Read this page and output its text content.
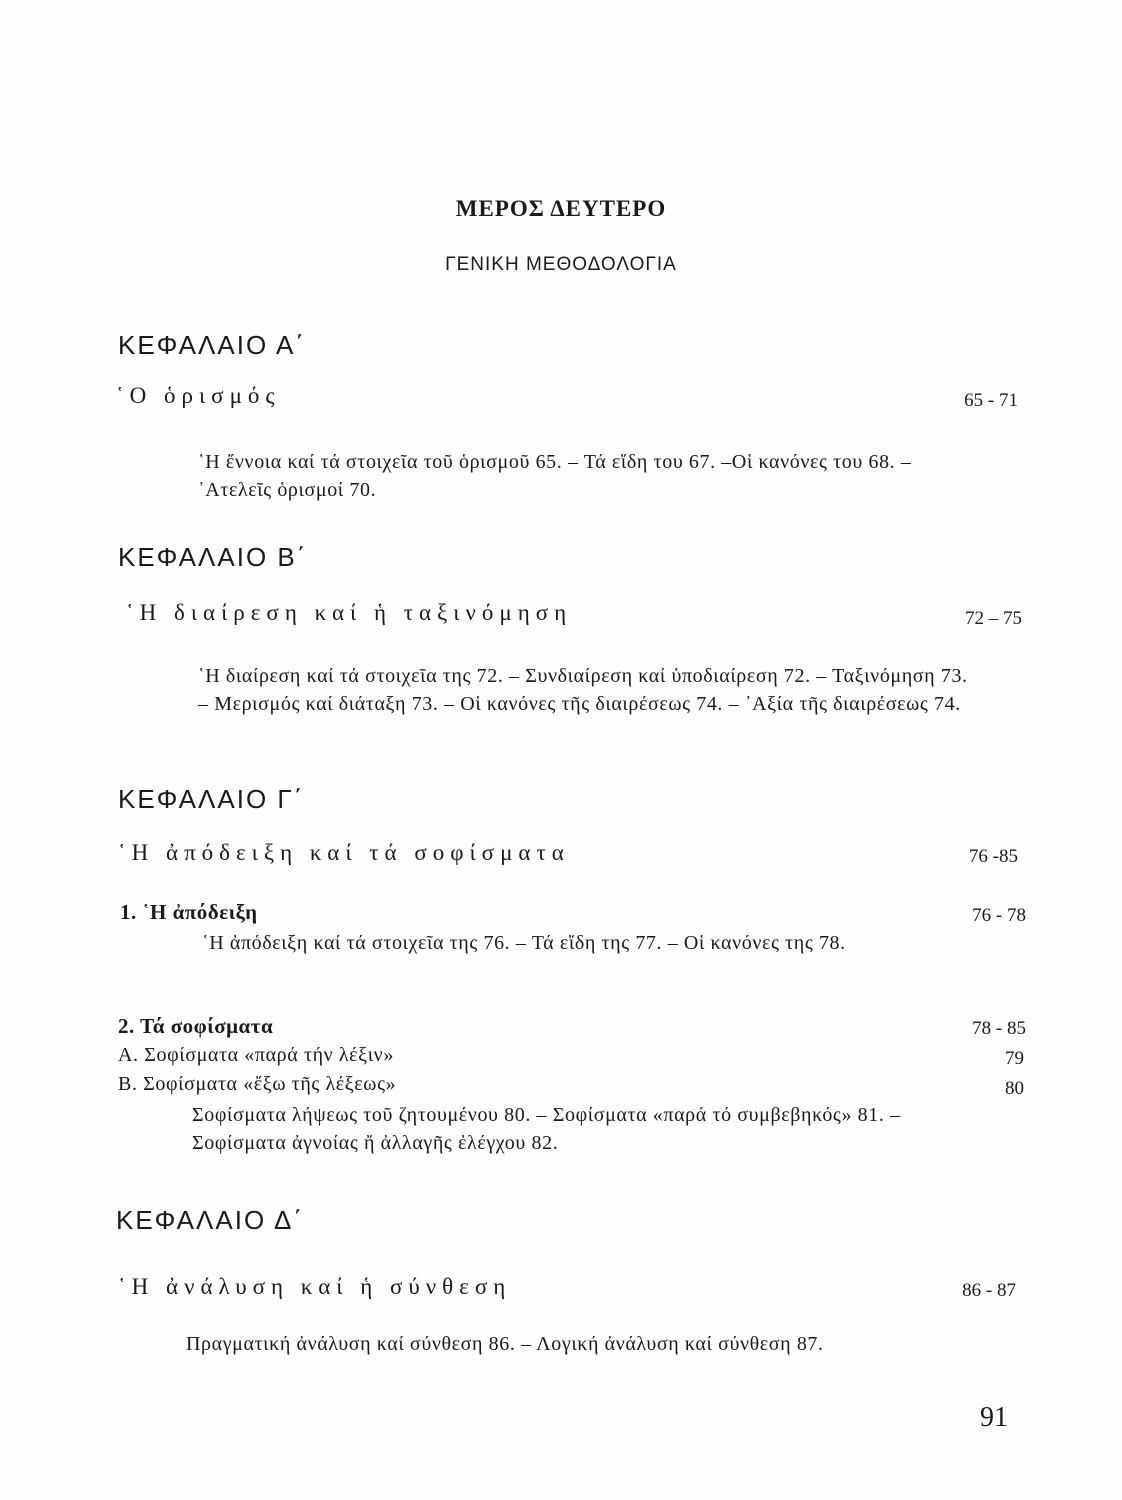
ΜΕΡΟΣ ΔΕΥΤΕΡΟ
ΓΕΝΙΚΗ ΜΕΘΟΔΟΛΟΓΙΑ
ΚΕΦΑΛΑΙΟ Α΄
῾Ο ὁρισμός	65 - 71
῾Η ἔννοια καί τά στοιχεῖα τοῦ ὁρισμοῦ 65. – Τά εἴδη του 67. –Οἱ κανόνες του 68. – ᾿Ατελεῖς ὁρισμοί 70.
ΚΕΦΑΛΑΙΟ Β΄
῾Η διαίρεση καί ἡ ταξινόμηση	72 – 75
῾Η διαίρεση καί τά στοιχεῖα της 72. – Συνδιαίρεση καί ὑποδιαίρεση 72. – Ταξινόμηση 73. – Μερισμός καί διάταξη 73. – Οἱ κανόνες τῆς διαιρέσεως 74. – ᾿Αξία τῆς διαιρέσεως 74.
ΚΕΦΑΛΑΙΟ Γ΄
῾Η ἀπόδειξη καί τά σοφίσματα	76 -85
1. ῾Η ἀπόδειξη	76 - 78
῾Η ἀπόδειξη καί τά στοιχεῖα της 76. – Τά εἴδη της 77. – Οἱ κανόνες της 78.
2. Τά σοφίσματα	78 - 85
Α. Σοφίσματα «παρά τήν λέξιν»	79
Β. Σοφίσματα «ἔξω τῆς λέξεως»	80
Σοφίσματα λήψεως τοῦ ζητουμένου 80. – Σοφίσματα «παρά τό συμβεβηκός» 81. – Σοφίσματα ἀγνοίας ἤ ἀλλαγῆς ἐλέγχου 82.
ΚΕΦΑΛΑΙΟ Δ΄
῾Η ἀνάλυση καί ἡ σύνθεση	86 - 87
Πραγματική ἀνάλυση καί σύνθεση 86. – Λογική ἀνάλυση καί σύνθεση 87.
91
